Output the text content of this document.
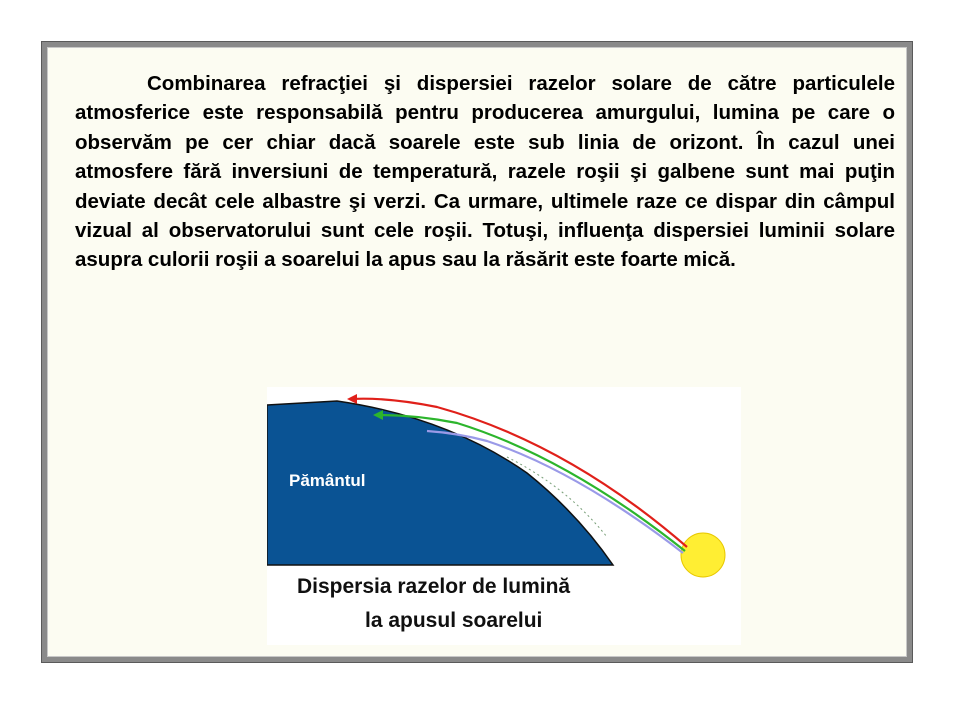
Combinarea refracţiei şi dispersiei razelor solare de către particulele atmosferice este responsabilă pentru producerea amurgului, lumina pe care o observăm pe cer chiar dacă soarele este sub linia de orizont. În cazul unei atmosfere fără inversiuni de temperatură, razele roşii şi galbene sunt mai puţin deviate decât cele albastre şi verzi. Ca urmare, ultimele raze ce dispar din câmpul vizual al observatorului sunt cele roşii. Totuşi, influenţa dispersiei luminii solare asupra culorii roşii a soarelui la apus sau la răsărit este foarte mică.

Pământul

Dispersia razelor de lumină

la apusul soarelui
